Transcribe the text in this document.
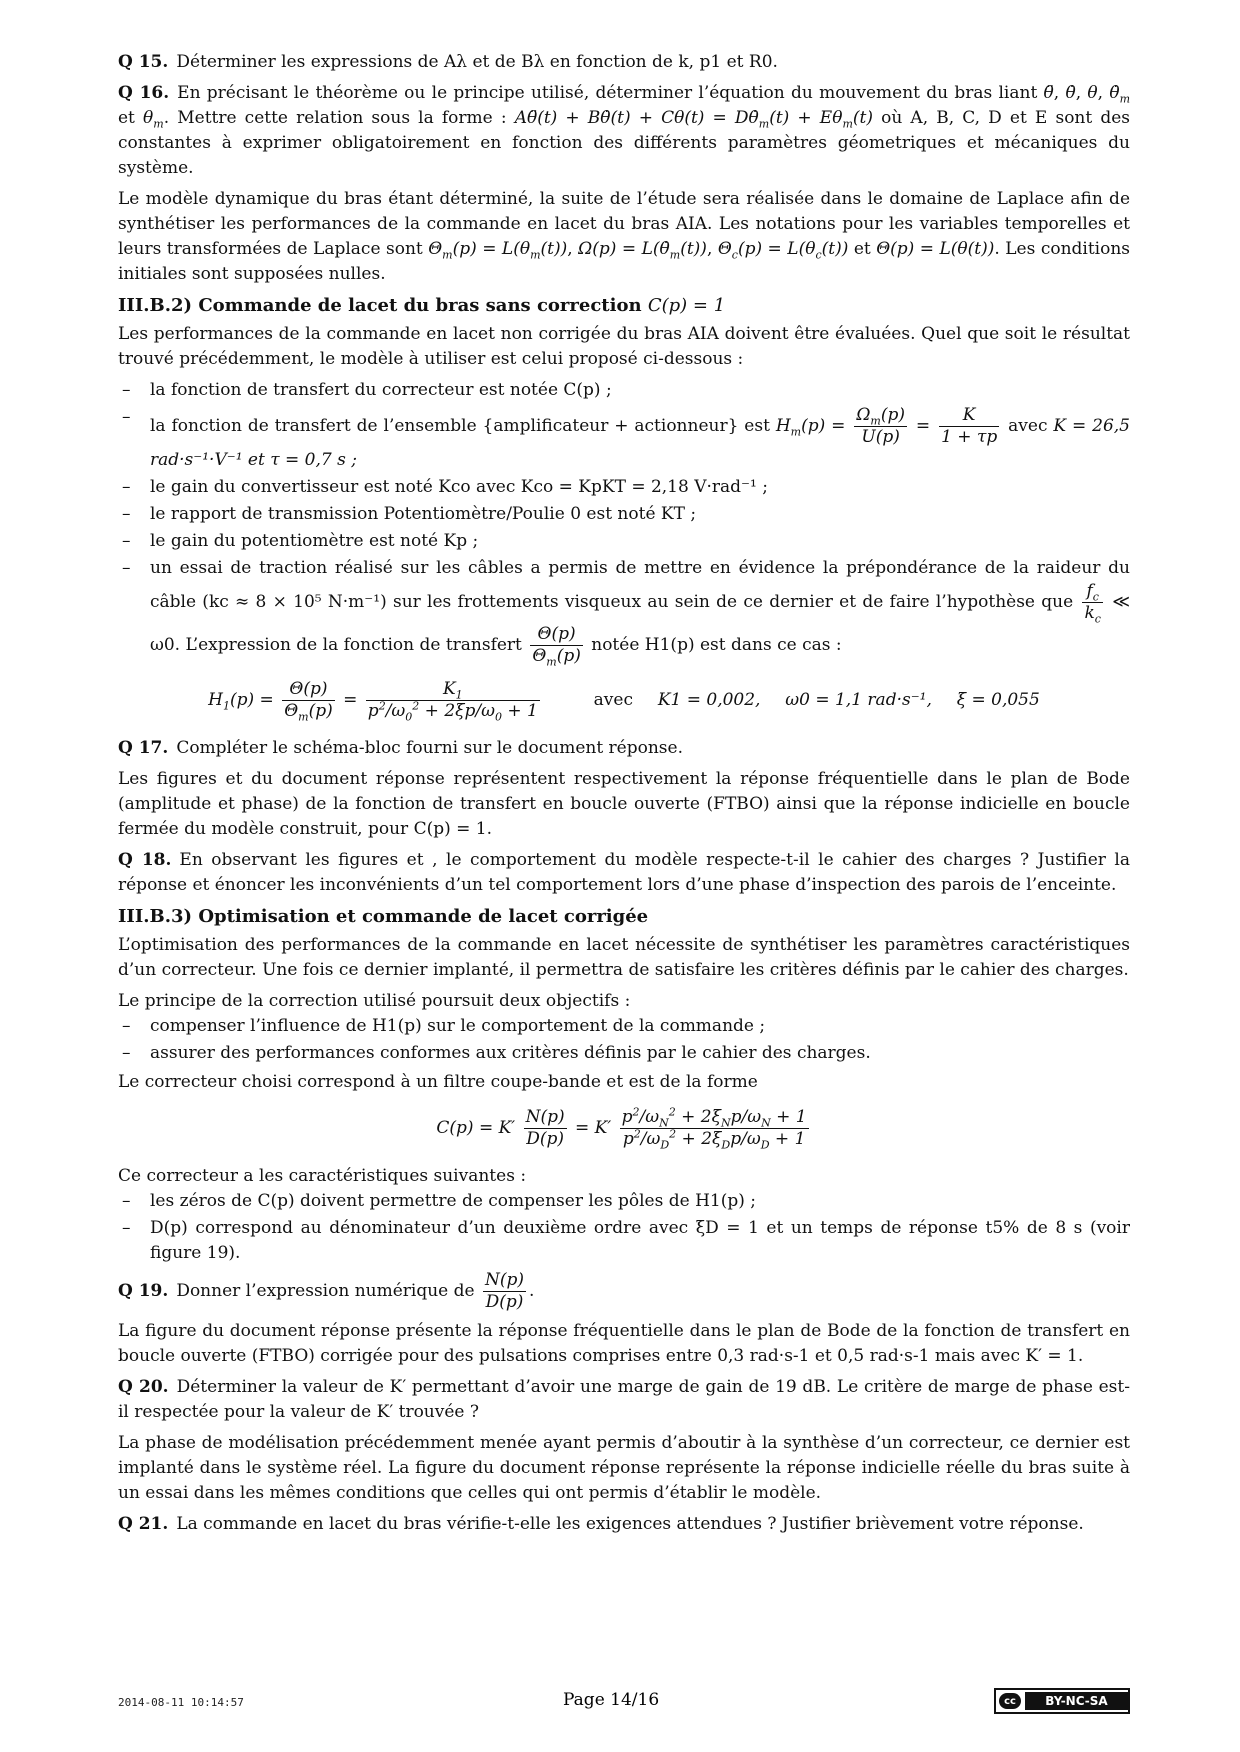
Q 15. Déterminer les expressions de Aλ et de Bλ en fonction de k, p1 et R0.

Q 16. En précisant le théorème ou le principe utilisé, déterminer l’équation du mouvement du bras liant θ̈, θ̇, θ, $\thetȧ_m$ et $\theta_m$. Mettre cette relation sous la forme : Aθ̈(t) + Bθ̇(t) + $C\theta(t) = D\thetȧ_m(t) + E\theta_m(t)$ où A, B, C, D et E sont des constantes à exprimer obligatoirement en fonction des différents paramètres géometriques et mécaniques du système.

Le modèle dynamique du bras étant déterminé, la suite de l’étude sera réalisée dans le domaine de Laplace afin de synthétiser les performances de la commande en lacet du bras AIA. Les notations pour les variables temporelles et leurs transformées de Laplace sont $\Theta_m(p) = L(\theta_m(t))$, $\Omega(p) = L(\thetȧ_m(t))$, $\Theta_c(p) = L(\theta_c(t))$ et Θ(p) = L(θ(t)). Les conditions initiales sont supposées nulles.

III.B.2) Commande de lacet du bras sans correction C(p) = 1

Les performances de la commande en lacet non corrigée du bras AIA doivent être évaluées. Quel que soit le résultat trouvé précédemment, le modèle à utiliser est celui proposé ci-dessous :

– la fonction de transfert du correcteur est notée C(p) ;
– la fonction de transfert de l’ensemble {amplificateur + actionneur} est $H_m(p) = \frac{\Omega_m(p)}{U(p)} = \frac{K}{1 + \tau p}$ avec K = 26,5 rad·s⁻¹·V⁻¹ et τ = 0,7 s ;
– le gain du convertisseur est noté Kco avec Kco = KpKT = 2,18 V·rad⁻¹ ;
– le rapport de transmission Potentiomètre/Poulie 0 est noté KT ;
– le gain du potentiomètre est noté Kp ;
– un essai de traction réalisé sur les câbles a permis de mettre en évidence la prépondérance de la raideur du câble (kc ≈ 8 × 10⁵ N·m⁻¹) sur les frottements visqueux au sein de ce dernier et de faire l’hypothèse que $\frac{f_c}{k_c}$ ≪ ω0. L’expression de la fonction de transfert $\frac{\Theta(p)}{\Theta_m(p)}$ notée H1(p) est dans ce cas :
$H_1(p) = \frac{\Theta(p)}{\Theta_m(p)} = \frac{K_1}{p^2/\omega_0^2 + 2\xi p/\omega_0 + 1}$	avec K1 = 0,002, ω0 = 1,1 rad·s⁻¹, ξ = 0,055

Q 17. Compléter le schéma-bloc fourni sur le document réponse.

Les figures et du document réponse représentent respectivement la réponse fréquentielle dans le plan de Bode (amplitude et phase) de la fonction de transfert en boucle ouverte (FTBO) ainsi que la réponse indicielle en boucle fermée du modèle construit, pour C(p) = 1.

Q 18. En observant les figures et , le comportement du modèle respecte-t-il le cahier des charges ? Justifier la réponse et énoncer les inconvénients d’un tel comportement lors d’une phase d’inspection des parois de l’enceinte.

III.B.3) Optimisation et commande de lacet corrigée

L’optimisation des performances de la commande en lacet nécessite de synthétiser les paramètres caractéristiques d’un correcteur. Une fois ce dernier implanté, il permettra de satisfaire les critères définis par le cahier des charges.

Le principe de la correction utilisé poursuit deux objectifs :

– compenser l’influence de H1(p) sur le comportement de la commande ;
– assurer des performances conformes aux critères définis par le cahier des charges.

Le correcteur choisi correspond à un filtre coupe-bande et est de la forme

$C(p) = K' \frac{N(p)}{D(p)} = K' \frac{p^2/\omega_N^2 + 2\xi_Np/\omega_N + 1}{p^2/\omega_D^2 + 2\xi_Dp/\omega_D + 1}$

Ce correcteur a les caractéristiques suivantes :

– les zéros de C(p) doivent permettre de compenser les pôles de H1(p) ;
– D(p) correspond au dénominateur d’un deuxième ordre avec ξD = 1 et un temps de réponse t5% de 8 s (voir figure 19).

Q 19. Donner l’expression numérique de $\frac{N(p)}{D(p)}$ .

La figure du document réponse présente la réponse fréquentielle dans le plan de Bode de la fonction de transfert en boucle ouverte (FTBO) corrigée pour des pulsations comprises entre 0,3 rad·s-1 et 0,5 rad·s-1 mais avec K′ = 1.

Q 20. Déterminer la valeur de K′ permettant d’avoir une marge de gain de 19 dB. Le critère de marge de phase est-il respectée pour la valeur de K′ trouvée ?

La phase de modélisation précédemment menée ayant permis d’aboutir à la synthèse d’un correcteur, ce dernier est implanté dans le système réel. La figure du document réponse représente la réponse indicielle réelle du bras suite à un essai dans les mêmes conditions que celles qui ont permis d’établir le modèle.

Q 21. La commande en lacet du bras vérifie-t-elle les exigences attendues ? Justifier brièvement votre réponse.

2014-08-11 10:14:57	Page 14/16	cc	BY-NC-SA
